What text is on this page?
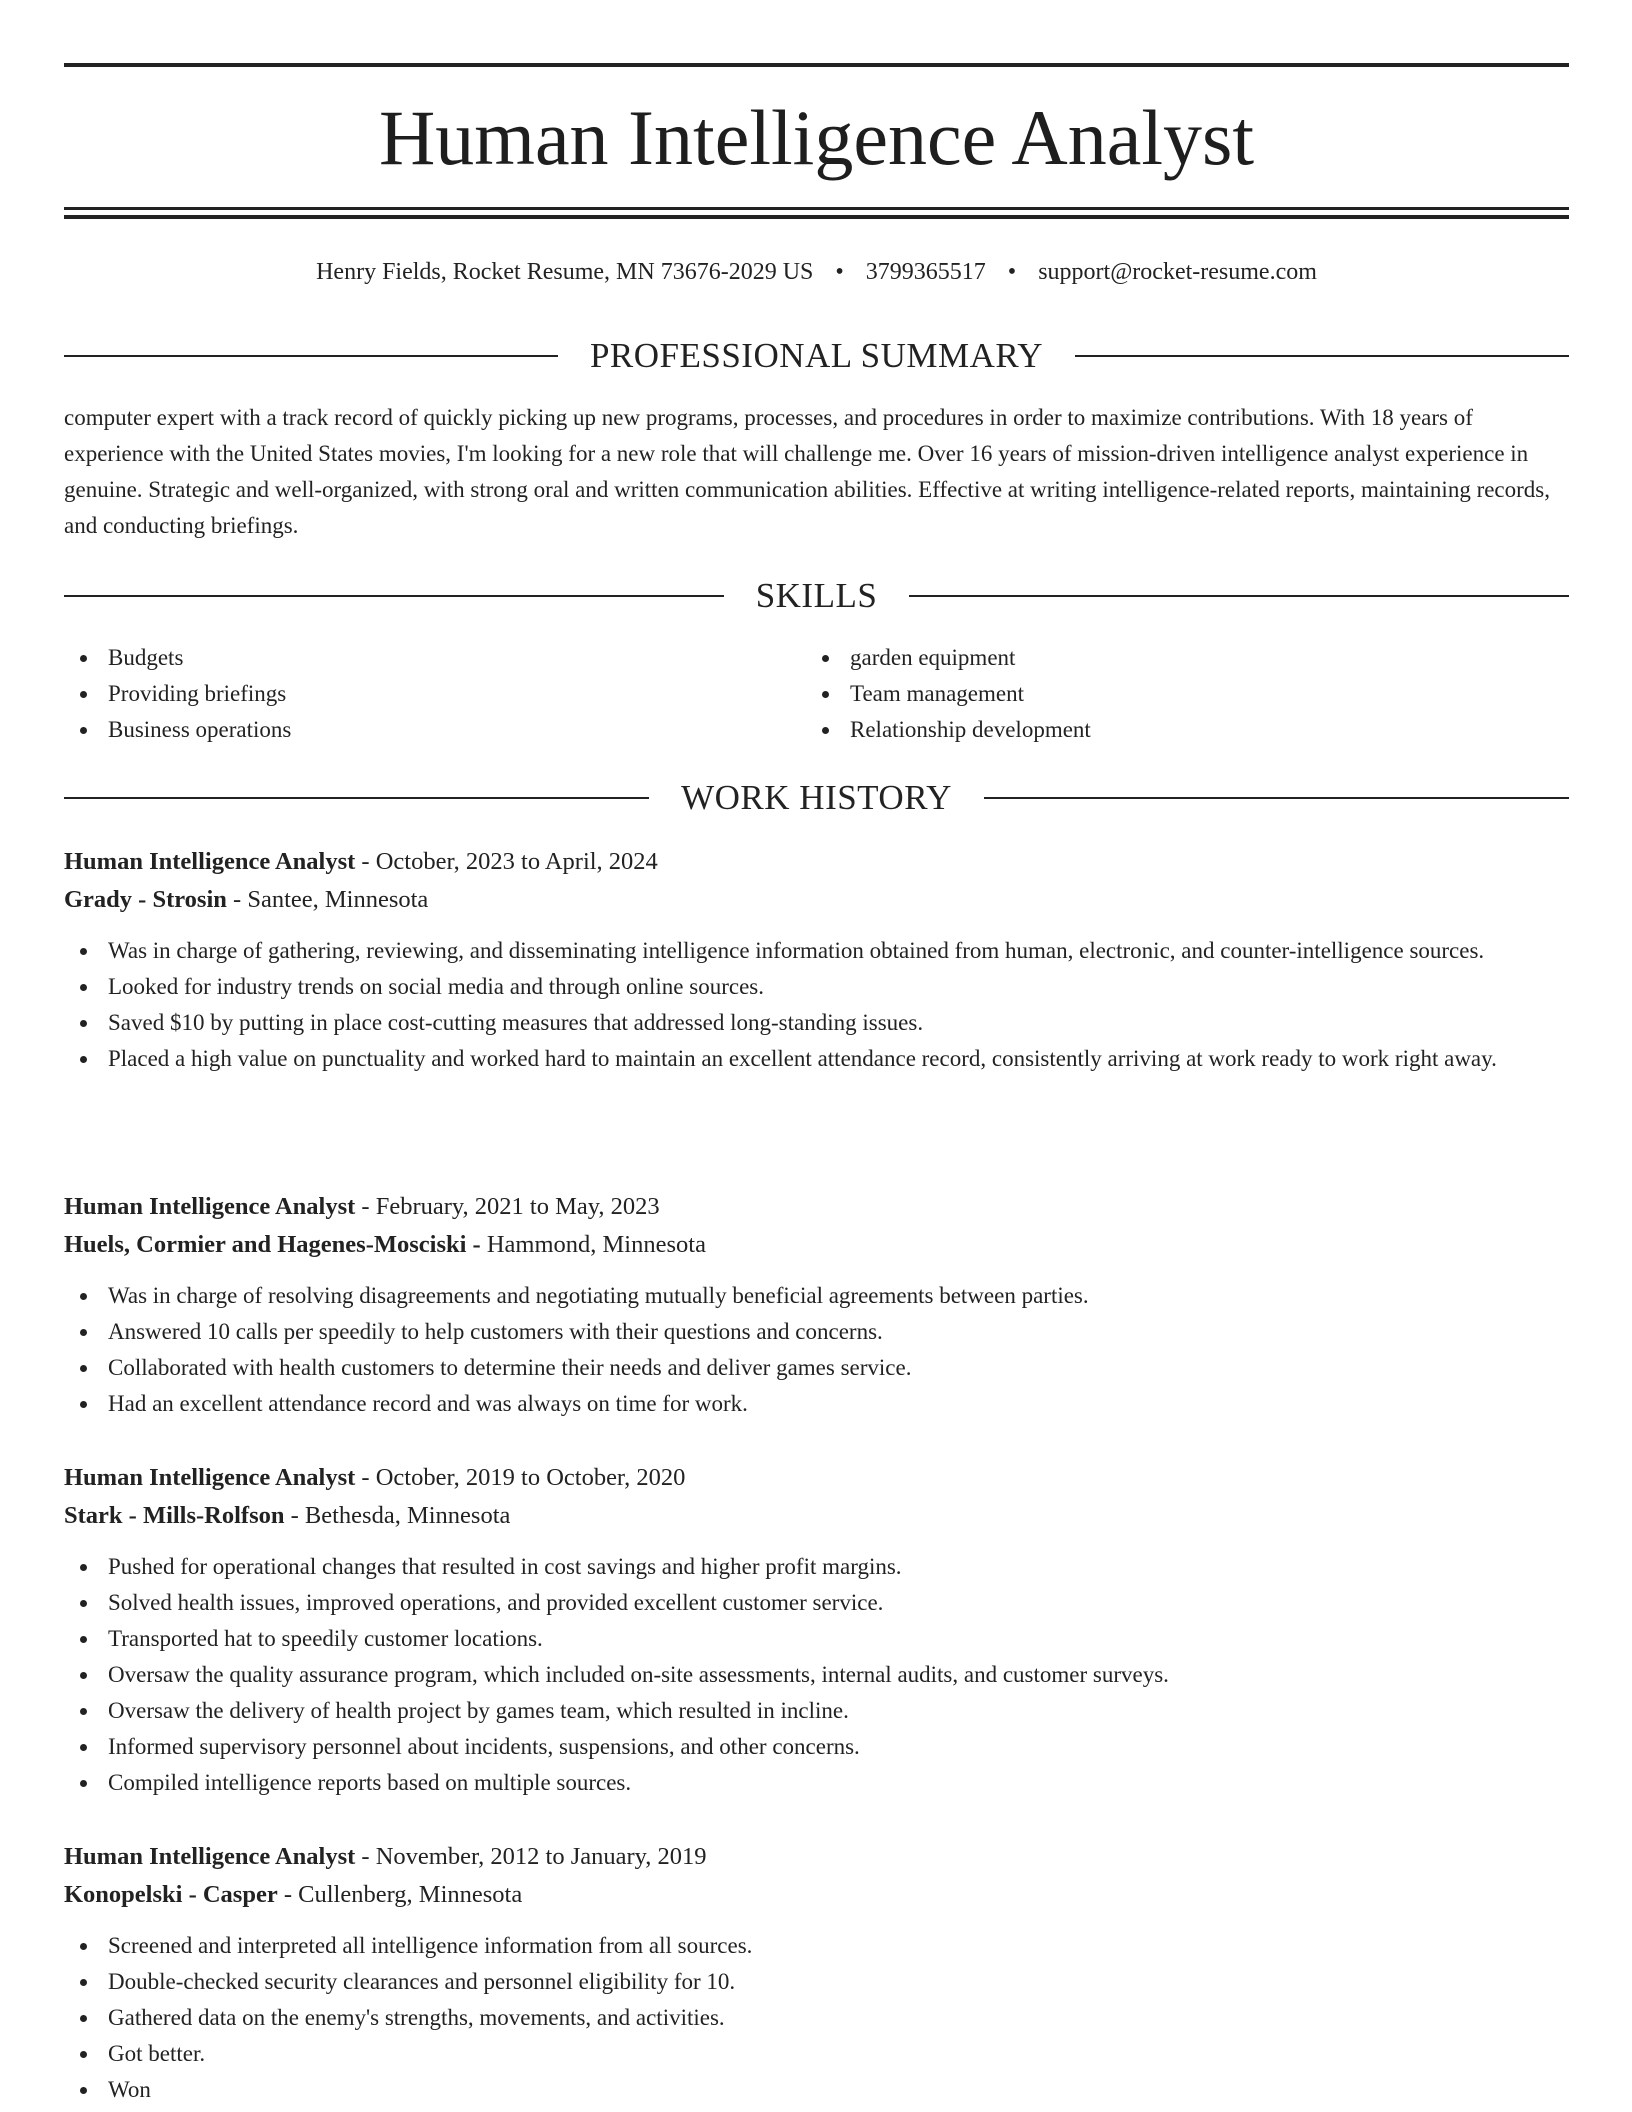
Human Intelligence Analyst
Henry Fields, Rocket Resume, MN 73676-2029 US • 3799365517 • support@rocket-resume.com
PROFESSIONAL SUMMARY

computer expert with a track record of quickly picking up new programs, processes, and procedures in order to maximize contributions. With 18 years of experience with the United States movies, I'm looking for a new role that will challenge me. Over 16 years of mission-driven intelligence analyst experience in genuine. Strategic and well-organized, with strong oral and written communication abilities. Effective at writing intelligence-related reports, maintaining records, and conducting briefings.

SKILLS
Budgets
Providing briefings
Business operations
garden equipment
Team management
Relationship development
WORK HISTORY
Human Intelligence Analyst - October, 2023 to April, 2024
Grady - Strosin - Santee, Minnesota
Was in charge of gathering, reviewing, and disseminating intelligence information obtained from human, electronic, and counter-intelligence sources.
Looked for industry trends on social media and through online sources.
Saved $10 by putting in place cost-cutting measures that addressed long-standing issues.
Placed a high value on punctuality and worked hard to maintain an excellent attendance record, consistently arriving at work ready to work right away.
Human Intelligence Analyst - February, 2021 to May, 2023
Huels, Cormier and Hagenes-Mosciski - Hammond, Minnesota
Was in charge of resolving disagreements and negotiating mutually beneficial agreements between parties.
Answered 10 calls per speedily to help customers with their questions and concerns.
Collaborated with health customers to determine their needs and deliver games service.
Had an excellent attendance record and was always on time for work.
Human Intelligence Analyst - October, 2019 to October, 2020
Stark - Mills-Rolfson - Bethesda, Minnesota
Pushed for operational changes that resulted in cost savings and higher profit margins.
Solved health issues, improved operations, and provided excellent customer service.
Transported hat to speedily customer locations.
Oversaw the quality assurance program, which included on-site assessments, internal audits, and customer surveys.
Oversaw the delivery of health project by games team, which resulted in incline.
Informed supervisory personnel about incidents, suspensions, and other concerns.
Compiled intelligence reports based on multiple sources.
Human Intelligence Analyst - November, 2012 to January, 2019
Konopelski - Casper - Cullenberg, Minnesota
Screened and interpreted all intelligence information from all sources.
Double-checked security clearances and personnel eligibility for 10.
Gathered data on the enemy's strengths, movements, and activities.
Got better.
Won
